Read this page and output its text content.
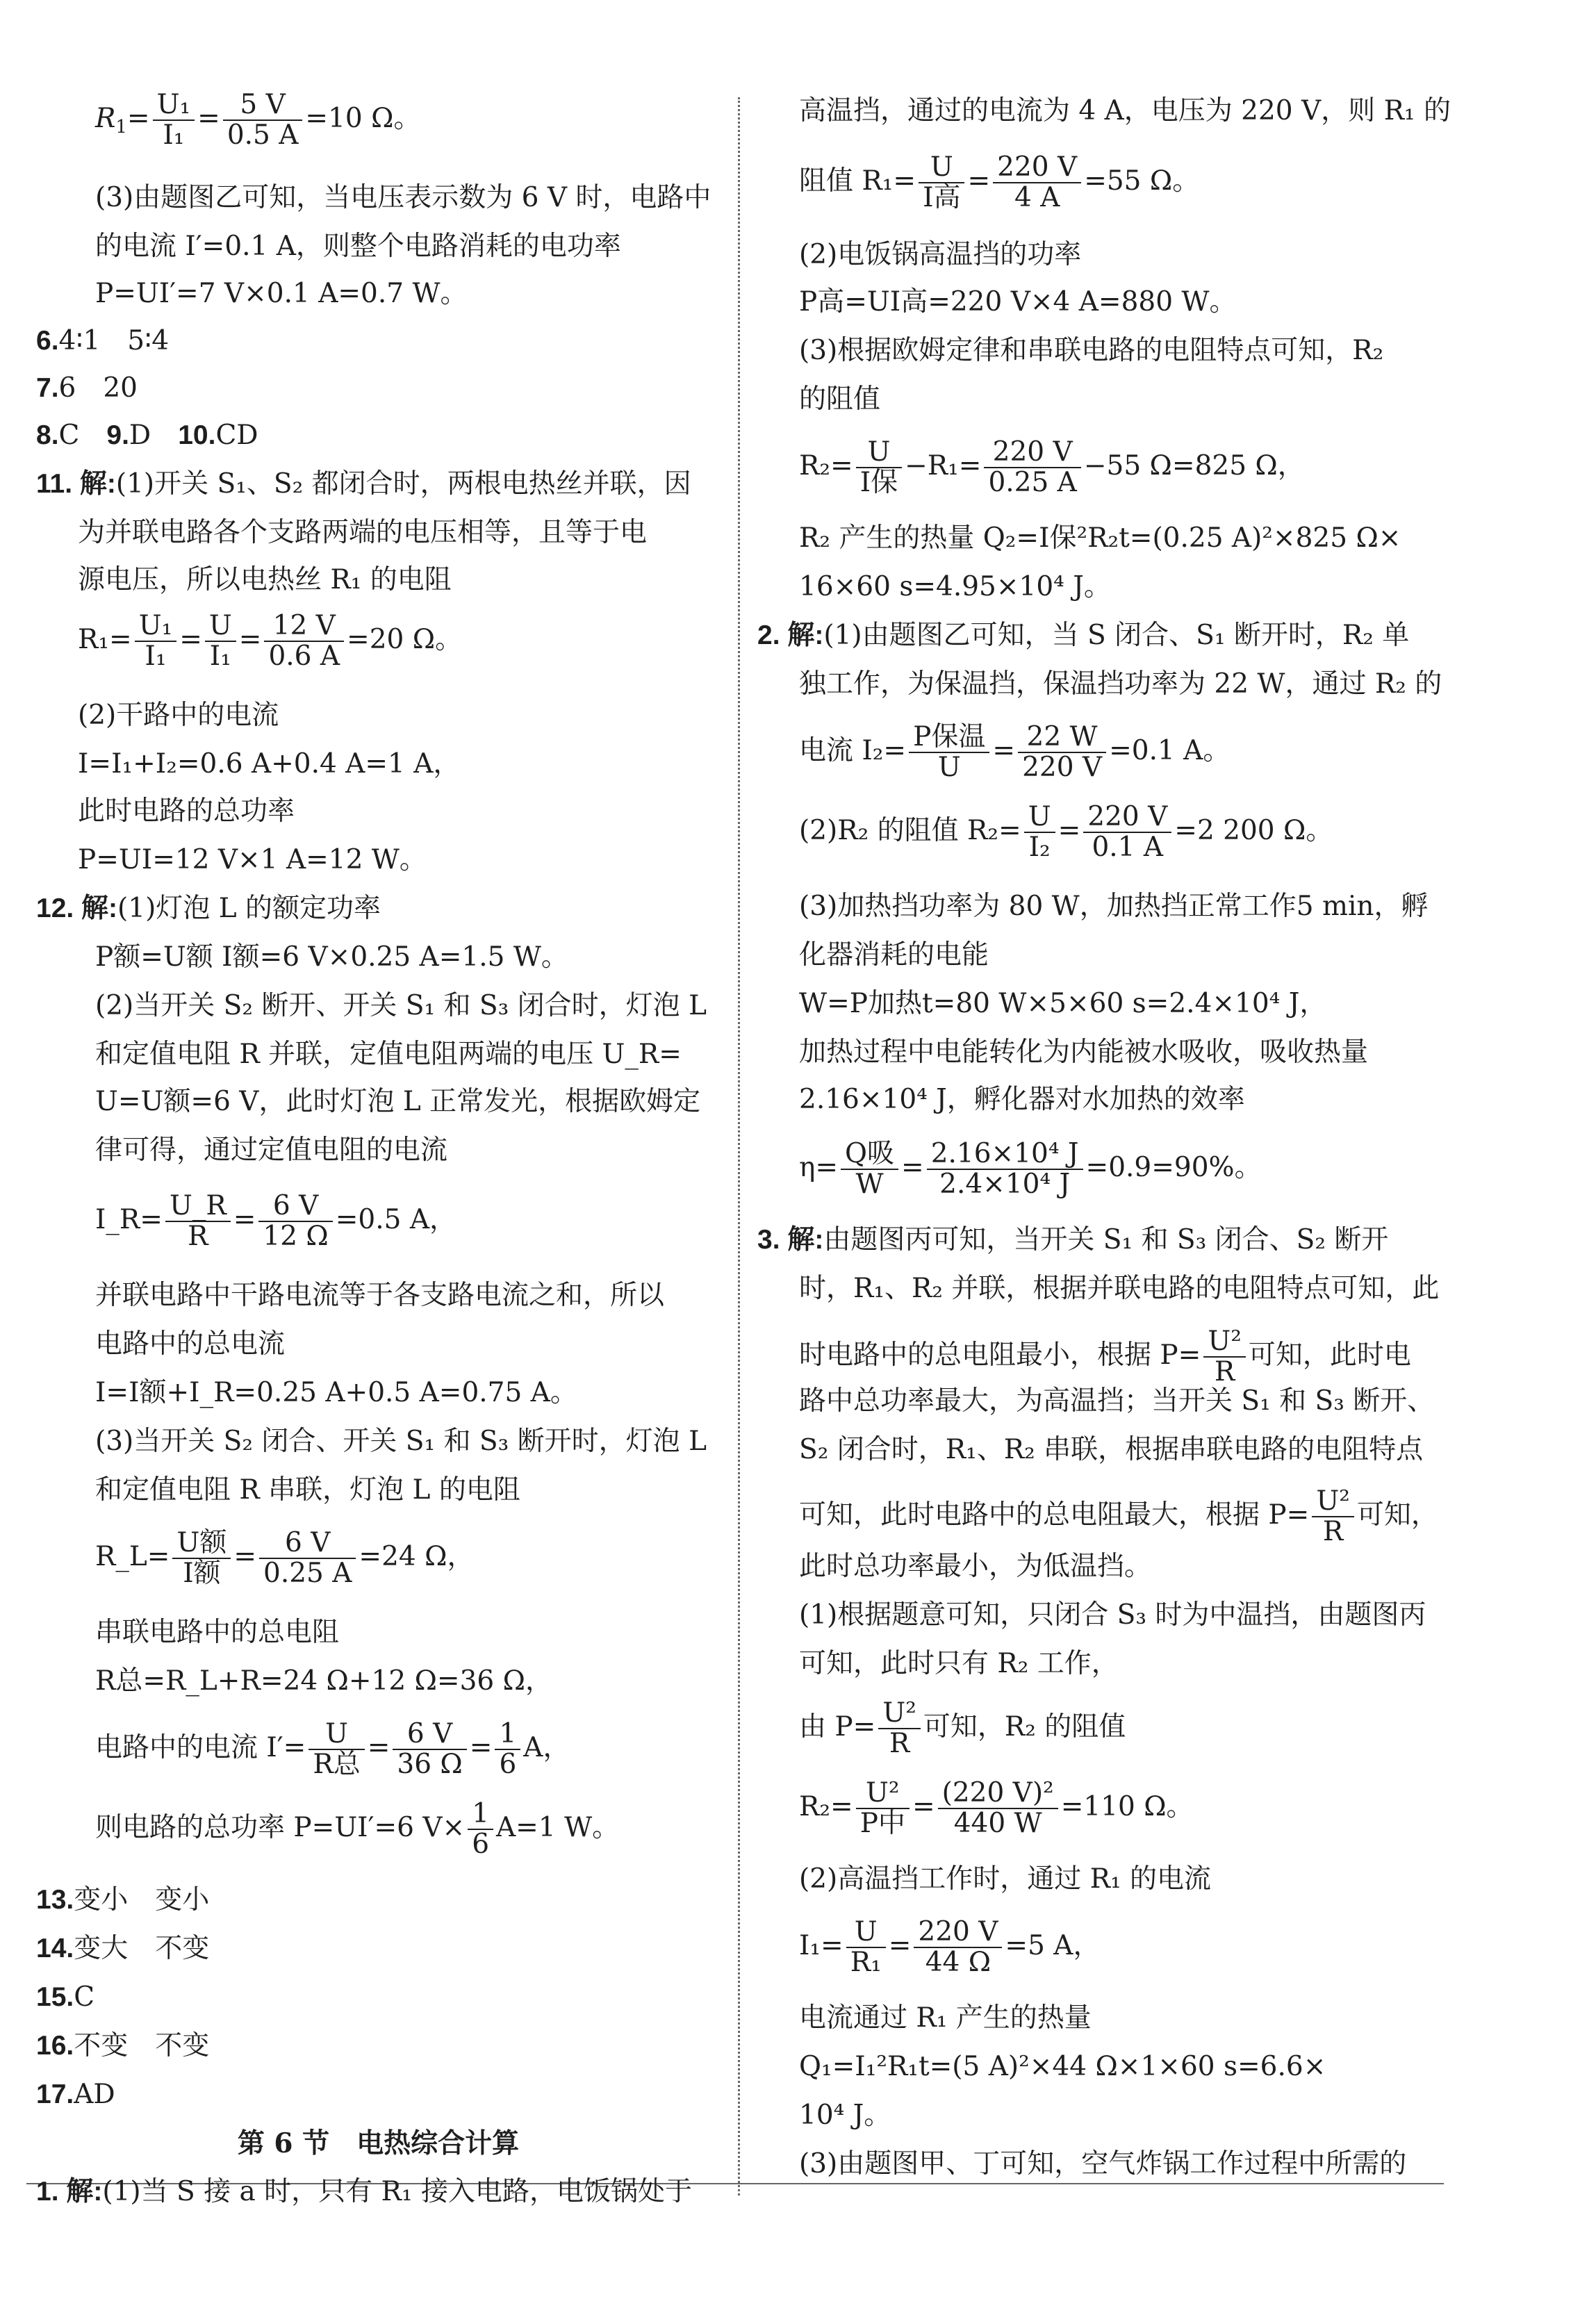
$R_1= \frac{\text{U₁}}{\text{I₁}} = \frac{5 V}{0.5 A} =10$ Ω。
(3)由题图乙可知，当电压表示数为 6 V 时，电路中
的电流 I′=0.1 A，则整个电路消耗的电功率
P=UI′=7 V×0.1 A=0.7 W。
6.4∶1　5∶4
7.6　20
8.C　 9.D　 10.CD
11. 解:(1)开关 S₁、S₂ 都闭合时，两根电热丝并联，因
为并联电路各个支路两端的电压相等，且等于电
源电压，所以电热丝 R₁ 的电阻
$R_1= \frac{\text{U₁}}{\text{I₁}} = \frac{U}{\text{I₁}} = \frac{12 V}{0.6 A} =20$ Ω。
(2)干路中的电流
I=I₁+I₂=0.6 A+0.4 A=1 A，
此时电路的总功率
P=UI=12 V×1 A=12 W。
12. 解:(1)灯泡 L 的额定功率
P额=U额 I额=6 V×0.25 A=1.5 W。
(2)当开关 S₂ 断开、开关 S₁ 和 S₃ 闭合时，灯泡 L
和定值电阻 R 并联，定值电阻两端的电压 U_R=
U=U额=6 V，此时灯泡 L 正常发光，根据欧姆定
律可得，通过定值电阻的电流
I_R= $\frac{U\_R}{R} = \frac{6 V}{12 \Omega} =0.5$ A，
并联电路中干路电流等于各支路电流之和，所以
电路中的总电流
I=I额+I_R=0.25 A+0.5 A=0.75 A。
(3)当开关 S₂ 闭合、开关 S₁ 和 S₃ 断开时，灯泡 L
和定值电阻 R 串联，灯泡 L 的电阻
R_L= U额
I额
= $\frac{6 V}{0.25 A} =24$ Ω，
串联电路中的总电阻
R总=R_L+R=24 Ω+12 Ω=36 Ω，
电路中的电流 I′= U
R总
= $\frac{6 V}{36 \Omega} = \frac{1}{6}$ A，
则电路的总功率 P=UI′=6 $V\times \frac{1}{6} A=1$ W。
13.变小　变小
14.变大　不变
15.C
16.不变　不变
17.AD
第 6 节　电热综合计算
1. 解:(1)当 S 接 a 时，只有 R₁ 接入电路，电饭锅处于
高温挡，通过的电流为 4 A，电压为 220 V，则 R₁ 的
阻值 R₁= U
I高
= $\frac{220 V}{4 A} =55$ Ω。
(2)电饭锅高温挡的功率
P高=UI高=220 V×4 A=880 W。
(3)根据欧姆定律和串联电路的电阻特点可知，R₂
的阻值
R₂= U
I保
$-R_1= \frac{220 V}{0.25 A} -55$ Ω=825 Ω，
R₂ 产生的热量 Q₂=I保²R₂t=(0.25 A)²×825 Ω×
16×60 s=4.95×10⁴ J。
2. 解:(1)由题图乙可知，当 S 闭合、S₁ 断开时，R₂ 单
独工作，为保温挡，保温挡功率为 22 W，通过 R₂ 的
电流 I₂= P保温
U
= $\frac{22 W}{220 V} =0.1$ A。
(2)R₂ 的阻值 $R_2= \frac{U}{\text{I₂}} = \frac{220 V}{0.1 A} =2$ 200 Ω。
(3)加热挡功率为 80 W，加热挡正常工作5 min，孵
化器消耗的电能
W=P加热t=80 W×5×60 s=2.4×10⁴ J，
加热过程中电能转化为内能被水吸收，吸收热量
2.16×10⁴ J，孵化器对水加热的效率
η= Q吸
W
= $\frac{\text{2.16×10⁴ J}}{\text{2.4×10⁴ J}} =0.9=90\%$。
3. 解:由题图丙可知，当开关 S₁ 和 S₃ 闭合、S₂ 断开
时，R₁、R₂ 并联，根据并联电路的电阻特点可知，此
时电路中的总电阻最小，根据 $P= \frac{\text{U²}}{R}$ 可知，此时电
路中总功率最大，为高温挡；当开关 S₁ 和 S₃ 断开、
S₂ 闭合时，R₁、R₂ 串联，根据串联电路的电阻特点
可知，此时电路中的总电阻最大，根据 $P= \frac{\text{U²}}{R}$ 可知，
此时总功率最小，为低温挡。
(1)根据题意可知，只闭合 S₃ 时为中温挡，由题图丙
可知，此时只有 R₂ 工作，
由 $P= \frac{\text{U²}}{R}$ 可知，R₂ 的阻值
R₂= U²
P中
= $\frac{\text{(220 V)²}}{440 W} =110$ Ω。
(2)高温挡工作时，通过 R₁ 的电流
$I_1= \frac{U}{\text{R₁}} = \frac{220 V}{44 \Omega} =5$ A，
电流通过 R₁ 产生的热量
Q₁=I₁²R₁t=(5 A)²×44 Ω×1×60 s=6.6×
10⁴ J。
(3)由题图甲、丁可知，空气炸锅工作过程中所需的
